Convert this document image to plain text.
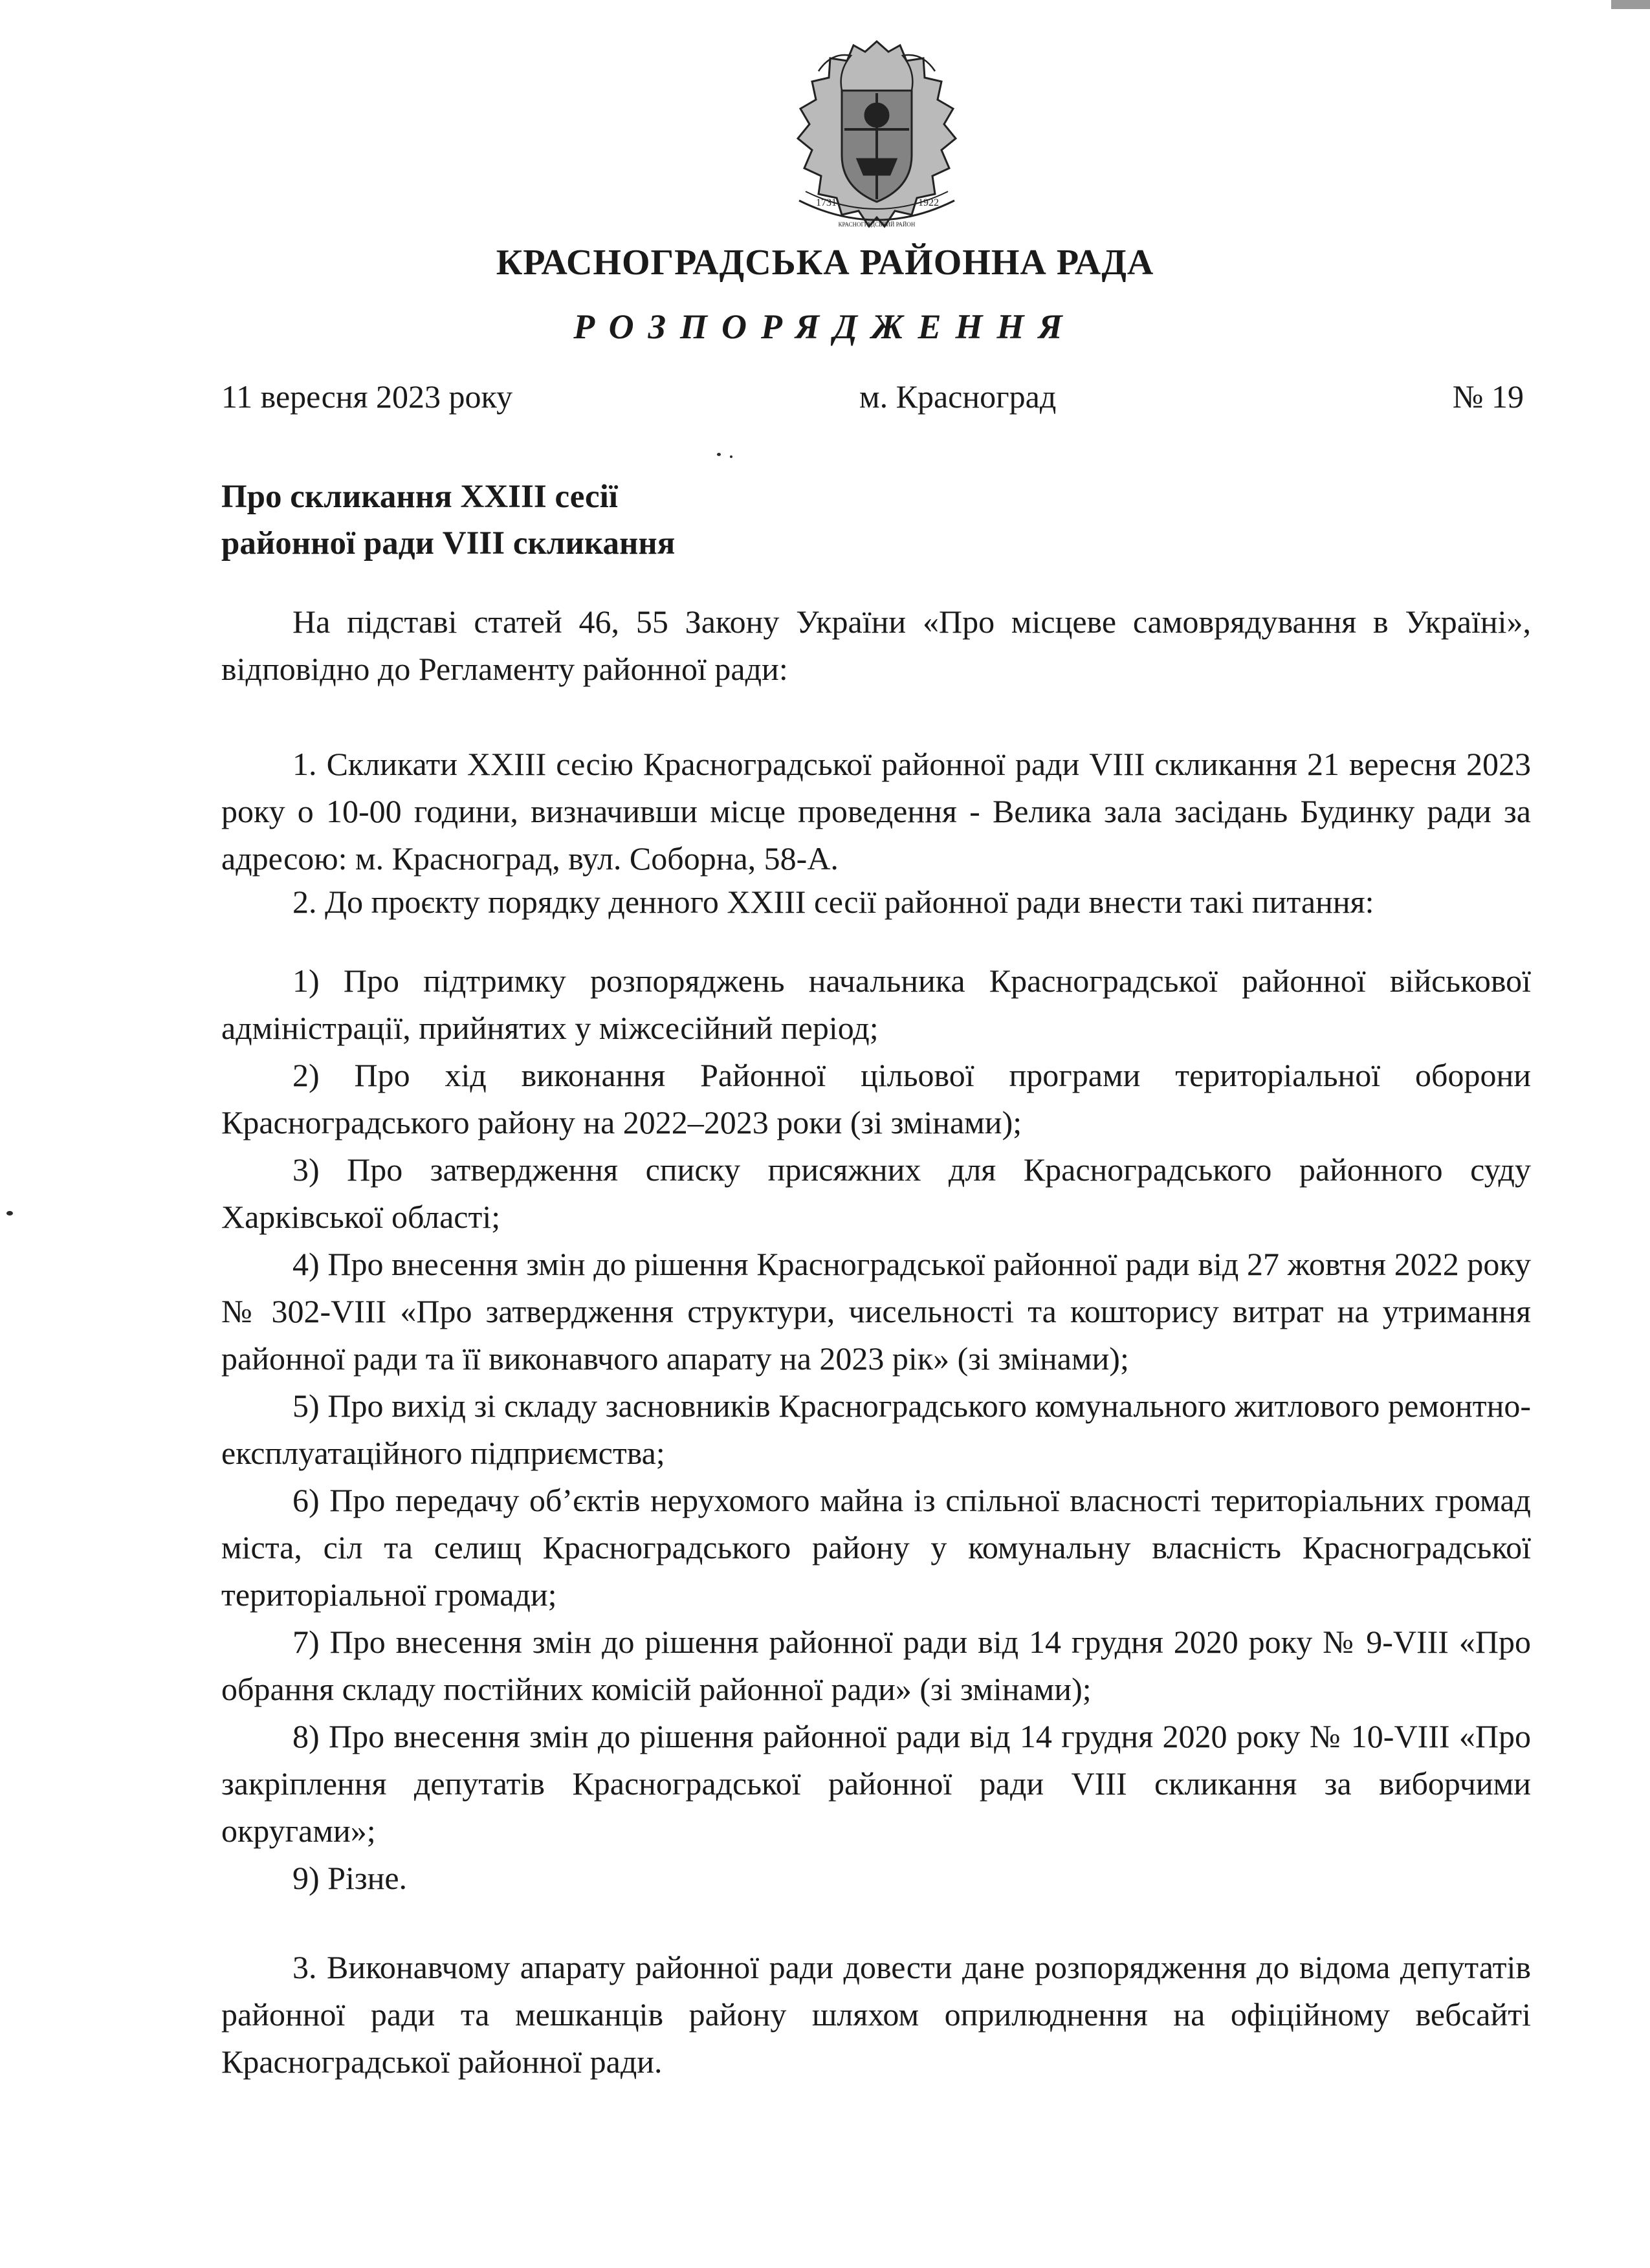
1731	1922
КРАСНОГРАДСЬКИЙ РАЙОН
КРАСНОГРАДСЬКА РАЙОННА РАДА
РОЗПОРЯДЖЕННЯ
11 вересня 2023 року	м. Красноград	№ 19
Про скликання XXIII сесії
районної ради VIII скликання

На підставі статей 46, 55 Закону України «Про місцеве самоврядування в Україні», відповідно до Регламенту районної ради:

1. Скликати XXIII сесію Красноградської районної ради VIII скликання 21 вересня 2023 року о 10-00 години, визначивши місце проведення - Велика зала засідань Будинку ради за адресою: м. Красноград, вул. Соборна, 58-А.

2. До проєкту порядку денного XXIII сесії районної ради внести такі питання:

1) Про підтримку розпоряджень начальника Красноградської районної військової адміністрації, прийнятих у міжсесійний період;

2) Про хід виконання Районної цільової програми територіальної оборони Красноградського району на 2022–2023 роки (зі змінами);

3) Про затвердження списку присяжних для Красноградського районного суду Харківської області;

4) Про внесення змін до рішення Красноградської районної ради від 27 жовтня 2022 року № 302-VIII «Про затвердження структури, чисельності та кошторису витрат на утримання районної ради та її виконавчого апарату на 2023 рік» (зі змінами);

5) Про вихід зі складу засновників Красноградського комунального житлового ремонтно-експлуатаційного підприємства;

6) Про передачу об’єктів нерухомого майна із спільної власності територіальних громад міста, сіл та селищ Красноградського району у комунальну власність Красноградської територіальної громади;

7) Про внесення змін до рішення районної ради від 14 грудня 2020 року № 9-VIII «Про обрання складу постійних комісій районної ради» (зі змінами);

8) Про внесення змін до рішення районної ради від 14 грудня 2020 року № 10-VIII «Про закріплення депутатів Красноградської районної ради VIII скликання за виборчими округами»;

9) Різне.

3. Виконавчому апарату районної ради довести дане розпорядження до відома депутатів районної ради та мешканців району шляхом оприлюднення на офіційному вебсайті Красноградської районної ради.
